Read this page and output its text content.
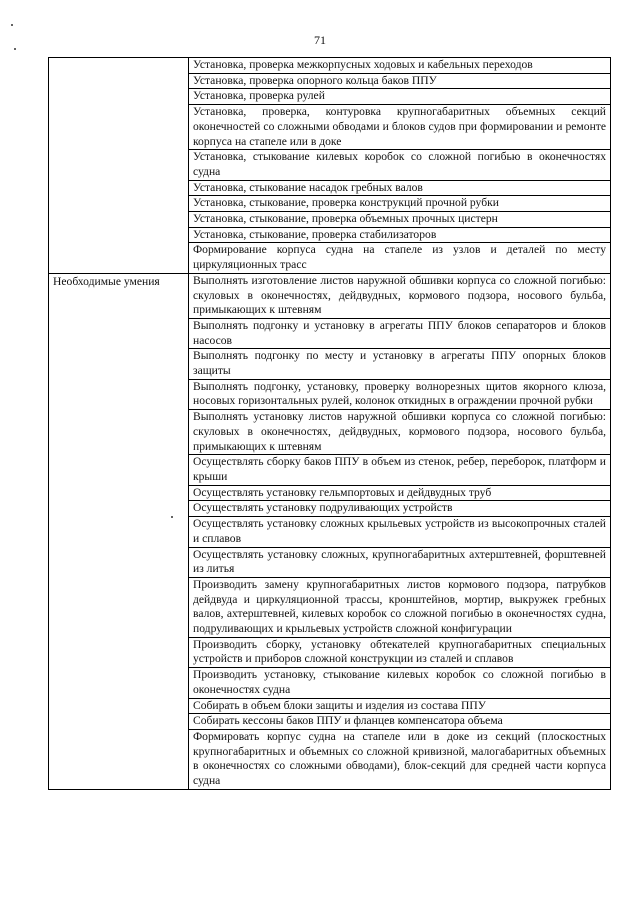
71
	Установка, проверка межкорпусных ходовых и кабельных переходов
	Установка, проверка опорного кольца баков ППУ
	Установка, проверка рулей
	Установка, проверка, контуровка крупногабаритных объемных секций оконечностей со сложными обводами и блоков судов при формировании и ремонте корпуса на стапеле или в доке
	Установка, стыкование килевых коробок со сложной погибью в оконечностях судна
	Установка, стыкование насадок гребных валов
	Установка, стыкование, проверка конструкций прочной рубки
	Установка, стыкование, проверка объемных прочных цистерн
	Установка, стыкование, проверка стабилизаторов
	Формирование корпуса судна на стапеле из узлов и деталей по месту циркуляционных трасс
Необходимые умения	Выполнять изготовление листов наружной обшивки корпуса со сложной погибью: скуловых в оконечностях, дейдвудных, кормового подзора, носового бульба, примыкающих к штевням
	Выполнять подгонку и установку в агрегаты ППУ блоков сепараторов и блоков насосов
	Выполнять подгонку по месту и установку в агрегаты ППУ опорных блоков защиты
	Выполнять подгонку, установку, проверку волнорезных щитов якорного клюза, носовых горизонтальных рулей, колонок откидных в ограждении прочной рубки
	Выполнять установку листов наружной обшивки корпуса со сложной погибью: скуловых в оконечностях, дейдвудных, кормового подзора, носового бульба, примыкающих к штевням
	Осуществлять сборку баков ППУ в объем из стенок, ребер, переборок, платформ и крыши
	Осуществлять установку гельмпортовых и дейдвудных труб
	Осуществлять установку подруливающих устройств
	Осуществлять установку сложных крыльевых устройств из высокопрочных сталей и сплавов
	Осуществлять установку сложных, крупногабаритных ахтерштевней, форштевней из литья
	Производить замену крупногабаритных листов кормового подзора, патрубков дейдвуда и циркуляционной трассы, кронштейнов, мортир, выкружек гребных валов, ахтерштевней, килевых коробок со сложной погибью в оконечностях судна, подруливающих и крыльевых устройств сложной конфигурации
	Производить сборку, установку обтекателей крупногабаритных специальных устройств и приборов сложной конструкции из сталей и сплавов
	Производить установку, стыкование килевых коробок со сложной погибью в оконечностях судна
	Собирать в объем блоки защиты и изделия из состава ППУ
	Собирать кессоны баков ППУ и фланцев компенсатора объема
	Формировать корпус судна на стапеле или в доке из секций (плоскостных крупногабаритных и объемных со сложной кривизной, малогабаритных объемных в оконечностях со сложными обводами), блок-секций для средней части корпуса судна
